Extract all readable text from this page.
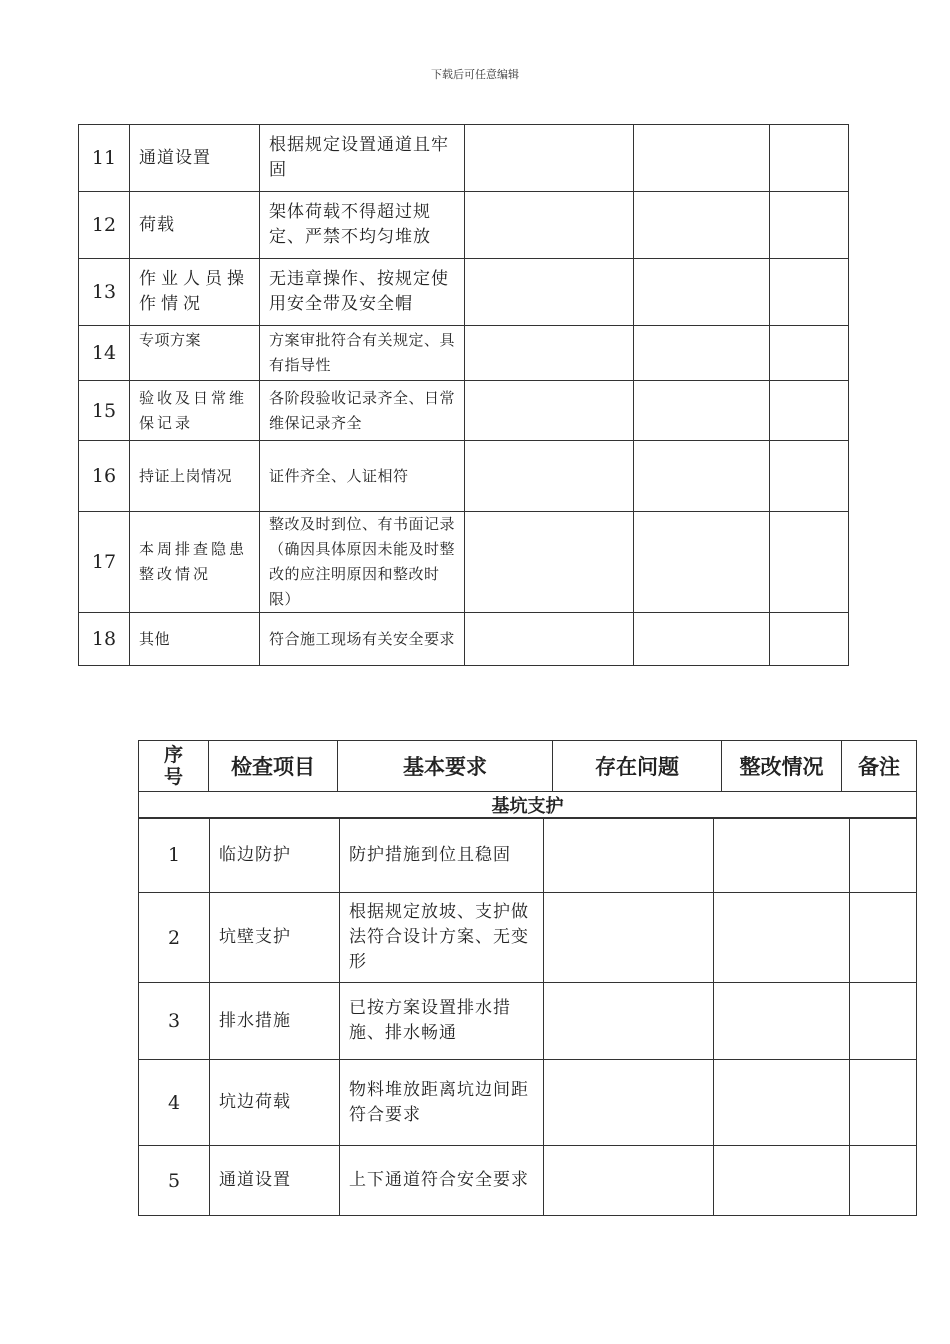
下载后可任意编辑
11	通道设置	根据规定设置通道且牢固			
12	荷载	架体荷载不得超过规定、严禁不均匀堆放			
13	作业人员操作情况	无违章操作、按规定使用安全带及安全帽			
14	专项方案	方案审批符合有关规定、具有指导性			
15	验收及日常维保记录	各阶段验收记录齐全、日常维保记录齐全			
16	持证上岗情况	证件齐全、人证相符			
17	本周排查隐患整改情况	整改及时到位、有书面记录（确因具体原因未能及时整改的应注明原因和整改时限）			
18	其他	符合施工现场有关安全要求			
序号	检查项目	基本要求	存在问题	整改情况	备注
基坑支护
1	临边防护	防护措施到位且稳固			
2	坑壁支护	根据规定放坡、支护做法符合设计方案、无变形			
3	排水措施	已按方案设置排水措施、排水畅通			
4	坑边荷载	物料堆放距离坑边间距符合要求			
5	通道设置	上下通道符合安全要求			
